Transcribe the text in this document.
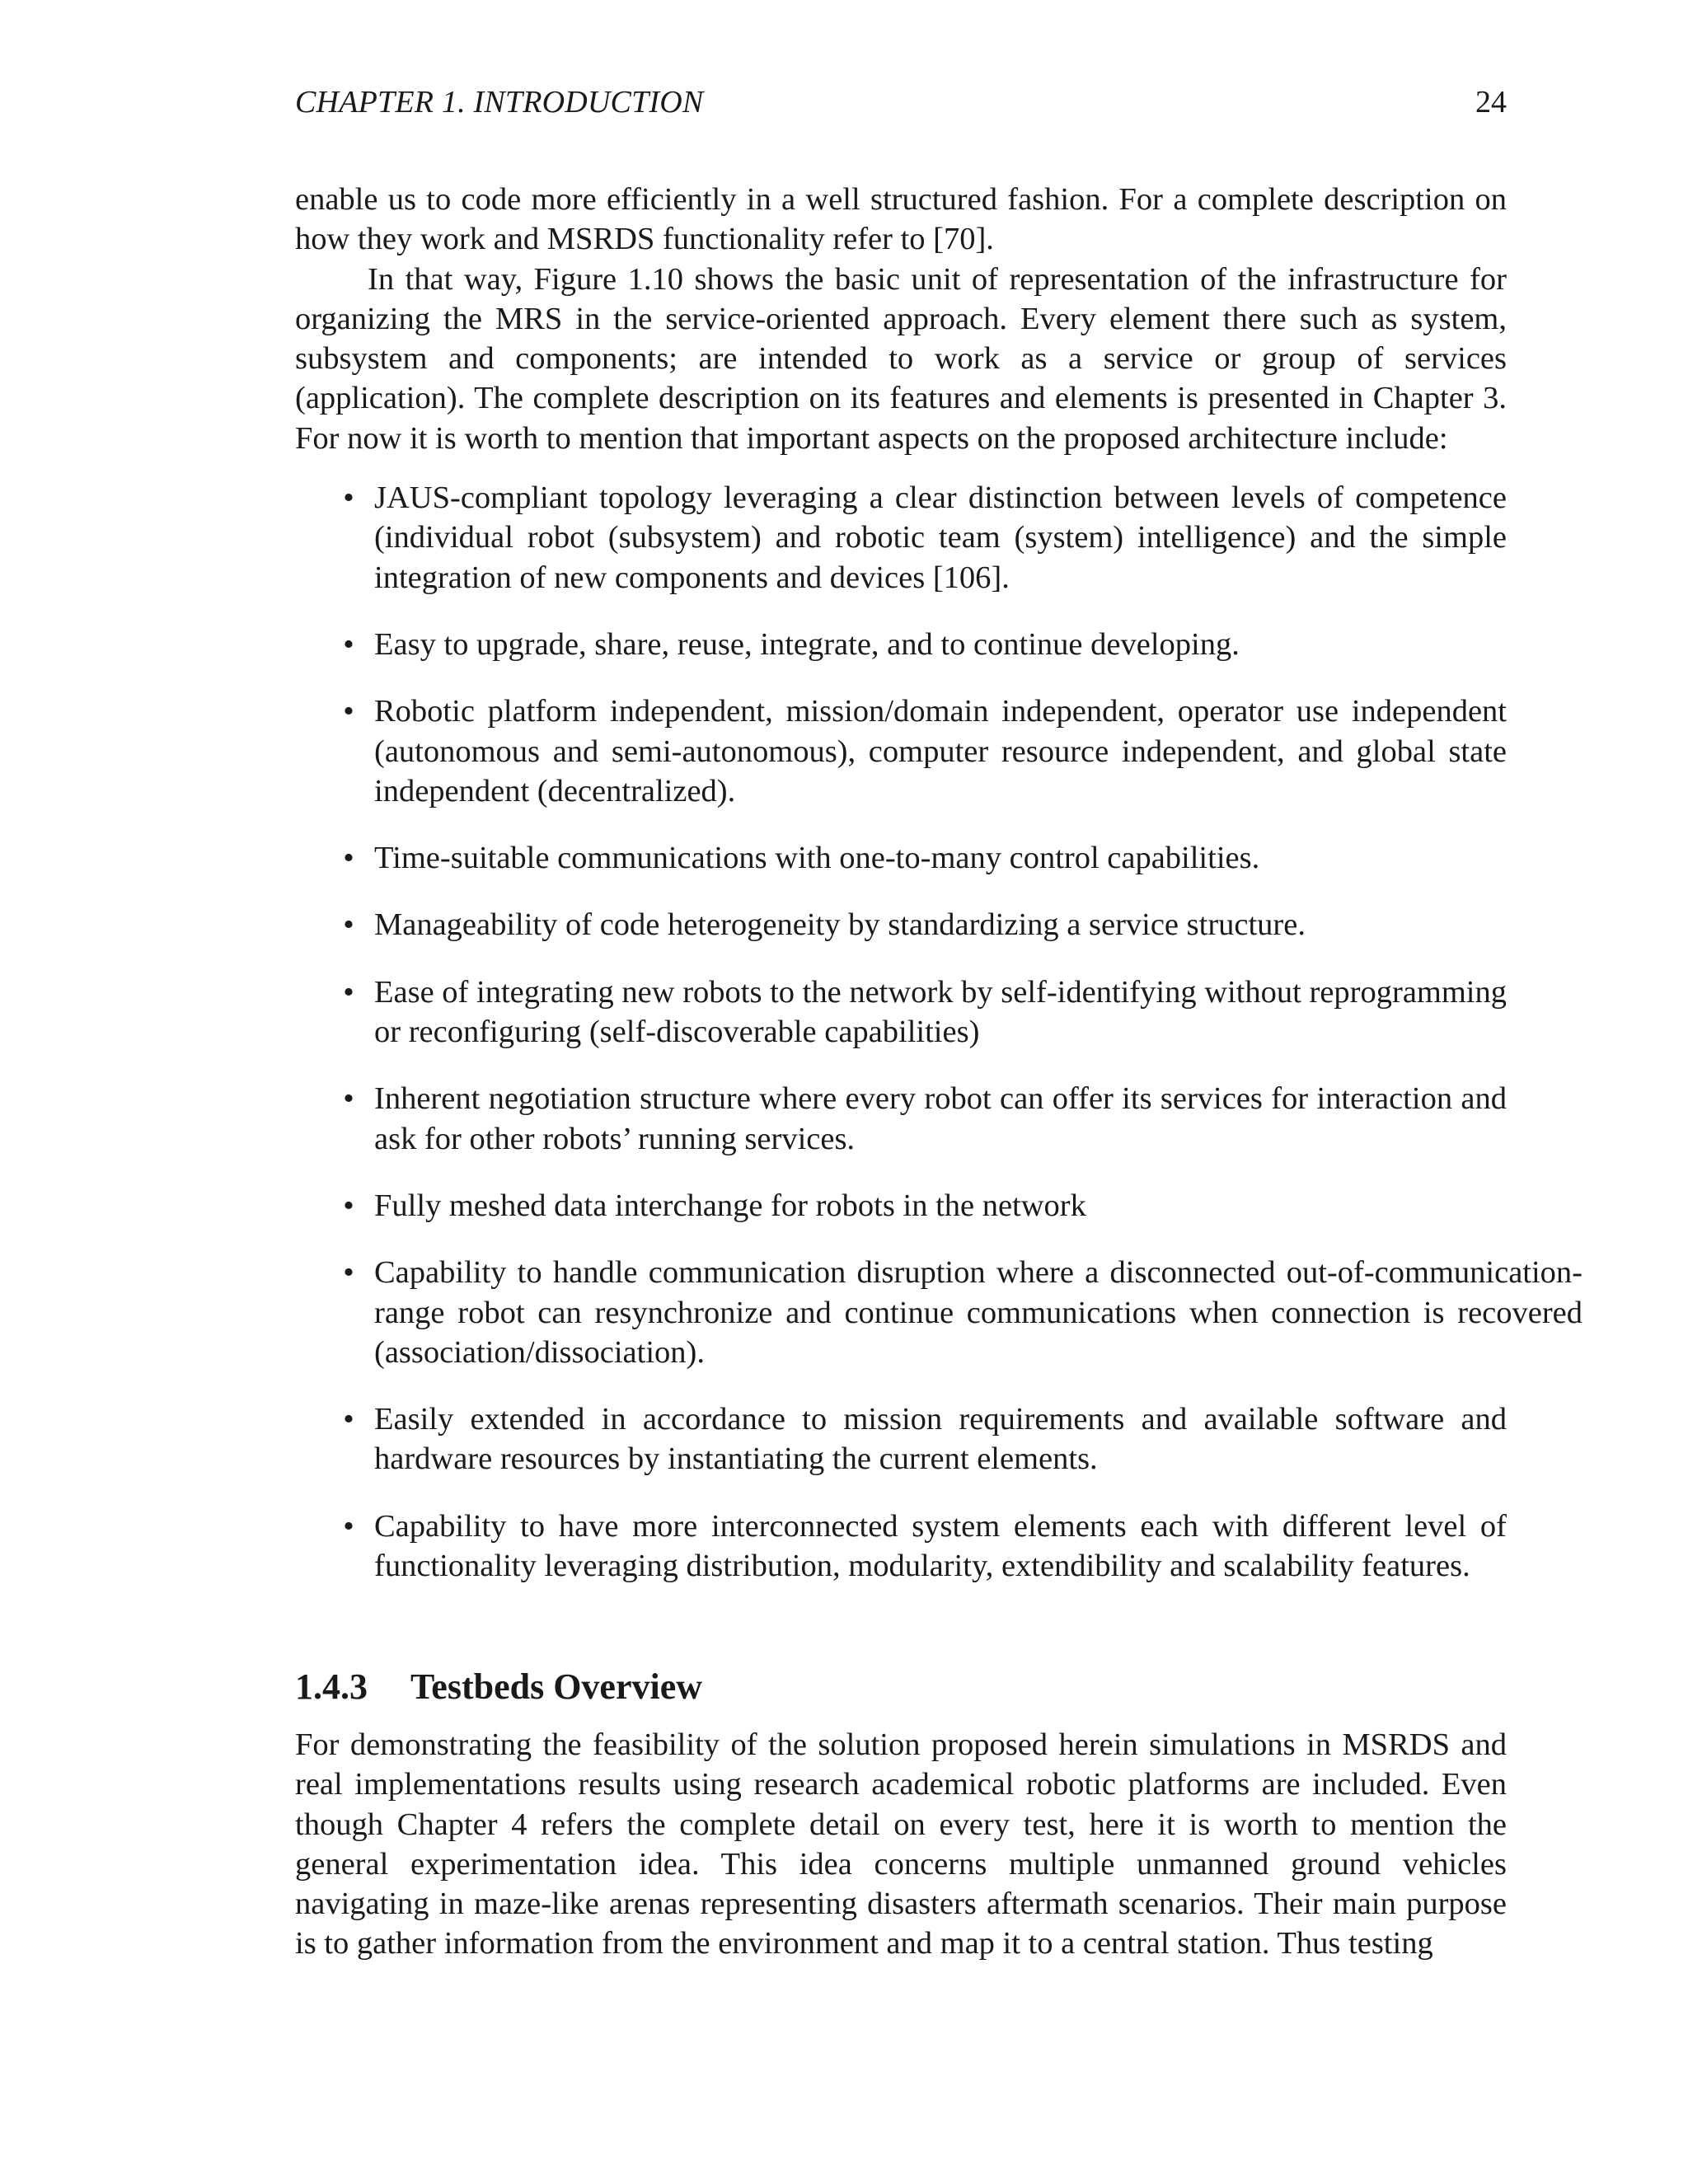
CHAPTER 1. INTRODUCTION	24

enable us to code more efficiently in a well structured fashion. For a complete description on how they work and MSRDS functionality refer to [70].

In that way, Figure 1.10 shows the basic unit of representation of the infrastructure for organizing the MRS in the service-oriented approach. Every element there such as system, subsystem and components; are intended to work as a service or group of services (application). The complete description on its features and elements is presented in Chapter 3. For now it is worth to mention that important aspects on the proposed architecture include:

• JAUS-compliant topology leveraging a clear distinction between levels of competence (individual robot (subsystem) and robotic team (system) intelligence) and the simple integration of new components and devices [106].
• Easy to upgrade, share, reuse, integrate, and to continue developing.
• Robotic platform independent, mission/domain independent, operator use independent (autonomous and semi-autonomous), computer resource independent, and global state independent (decentralized).
• Time-suitable communications with one-to-many control capabilities.
• Manageability of code heterogeneity by standardizing a service structure.
• Ease of integrating new robots to the network by self-identifying without reprogramming or reconfiguring (self-discoverable capabilities)
• Inherent negotiation structure where every robot can offer its services for interaction and ask for other robots’ running services.
• Fully meshed data interchange for robots in the network
• Capability to handle communication disruption where a disconnected out-of-communication-range robot can resynchronize and continue communications when connection is recovered (association/dissociation).
• Easily extended in accordance to mission requirements and available software and hardware resources by instantiating the current elements.
• Capability to have more interconnected system elements each with different level of functionality leveraging distribution, modularity, extendibility and scalability features.
1.4.3 Testbeds Overview

For demonstrating the feasibility of the solution proposed herein simulations in MSRDS and real implementations results using research academical robotic platforms are included. Even though Chapter 4 refers the complete detail on every test, here it is worth to mention the general experimentation idea. This idea concerns multiple unmanned ground vehicles navigating in maze-like arenas representing disasters aftermath scenarios. Their main purpose is to gather information from the environment and map it to a central station. Thus testing
